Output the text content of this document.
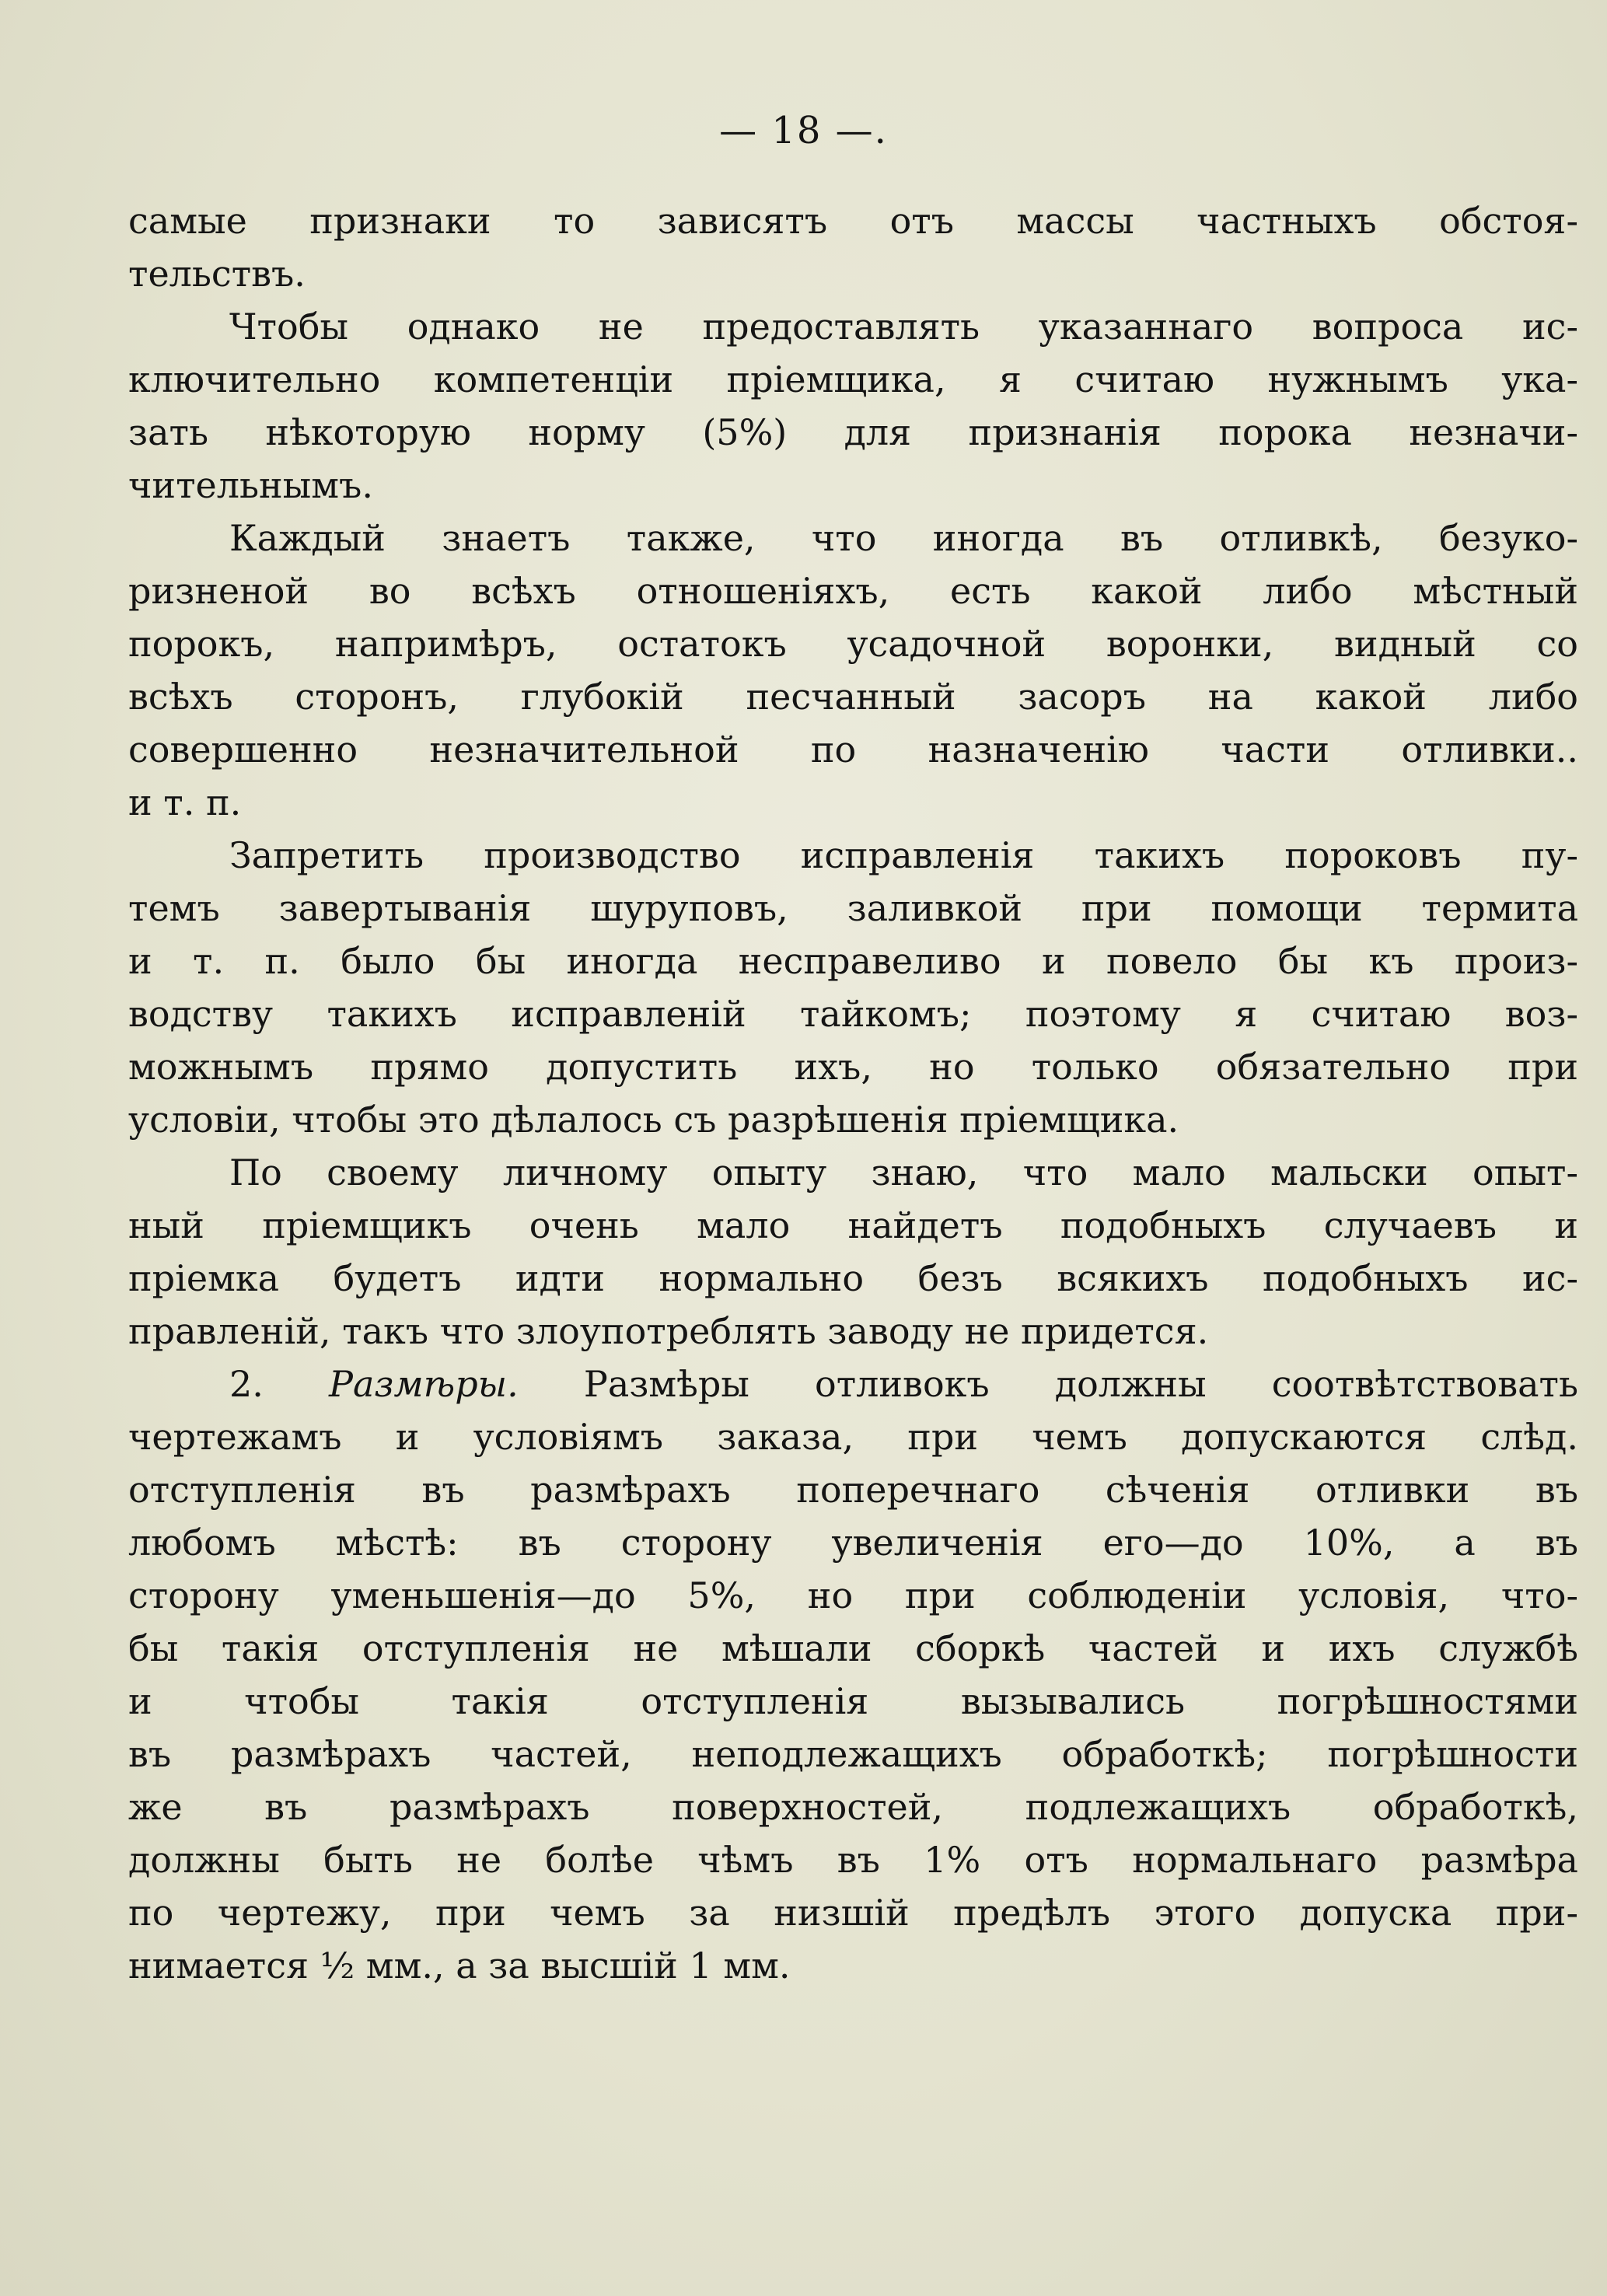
— 18 —.
самые признаки то зависятъ отъ массы частныхъ обстоя-
тельствъ.
Чтобы однако не предоставлять указаннаго вопроса ис-
ключительно компетенціи пріемщика, я считаю нужнымъ ука-
зать нѣкоторую норму (5%) для признанія порока незначи-
чительнымъ.
Каждый знаетъ также, что иногда въ отливкѣ, безуко-
ризненой во всѣхъ отношеніяхъ, есть какой либо мѣстный
порокъ, напримѣръ, остатокъ усадочной воронки, видный со
всѣхъ сторонъ, глубокій песчанный засоръ на какой либо
совершенно незначительной по назначенію части отливки..
и т. п.
Запретить производство исправленія такихъ пороковъ пу-
темъ завертыванія шуруповъ, заливкой при помощи термита
и т. п. было бы иногда несправеливо и повело бы къ произ-
водству такихъ исправленій тайкомъ; поэтому я считаю воз-
можнымъ прямо допустить ихъ, но только обязательно при
условіи, чтобы это дѣлалось съ разрѣшенія пріемщика.
По своему личному опыту знаю, что мало мальски опыт-
ный пріемщикъ очень мало найдетъ подобныхъ случаевъ и
пріемка будетъ идти нормально безъ всякихъ подобныхъ ис-
правленій, такъ что злоупотреблять заводу не придется.
2. Размѣры. Размѣры отливокъ должны соотвѣтствовать
чертежамъ и условіямъ заказа, при чемъ допускаются слѣд.
отступленія въ размѣрахъ поперечнаго сѣченія отливки въ
любомъ мѣстѣ: въ сторону увеличенія его—до 10%, а въ
сторону уменьшенія—до 5%, но при соблюденіи условія, что-
бы такія отступленія не мѣшали сборкѣ частей и ихъ службѣ
и чтобы такія отступленія вызывались погрѣшностями
въ размѣрахъ частей, неподлежащихъ обработкѣ; погрѣшности
же въ размѣрахъ поверхностей, подлежащихъ обработкѣ,
должны быть не болѣе чѣмъ въ 1% отъ нормальнаго размѣра
по чертежу, при чемъ за низшій предѣлъ этого допуска при-
нимается ½ мм., а за высшій 1 мм.
